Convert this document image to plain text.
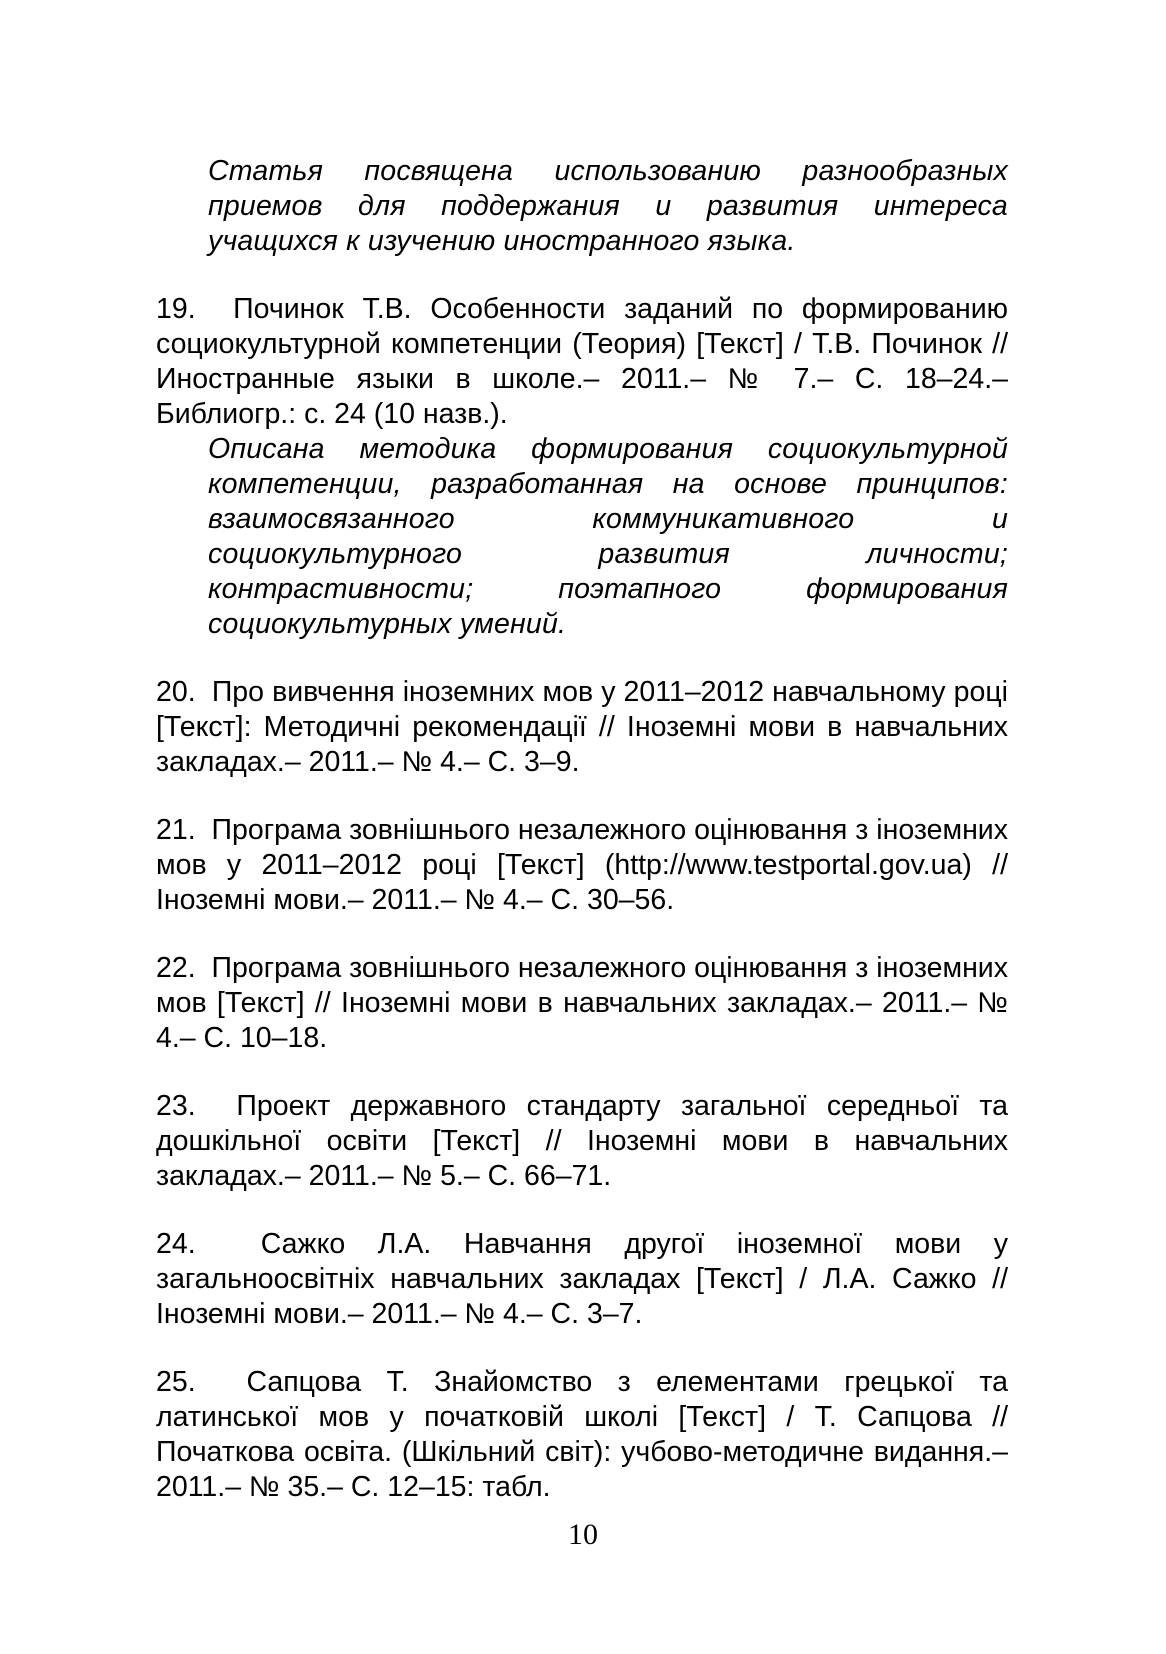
Статья посвящена использованию разнообразных приемов для поддержания и развития интереса учащихся к изучению иностранного языка.

19. Починок Т.В. Особенности заданий по формированию социокультурной компетенции (Теория) [Текст] / Т.В. Починок // Иностранные языки в школе.– 2011.– № 7.– С. 18–24.– Библиогр.: с. 24 (10 назв.).

Описана методика формирования социокультурной компетенции, разработанная на основе принципов: взаимосвязанного коммуникативного и социокультурного развития личности; контрастивности; поэтапного формирования социокультурных умений.

20. Про вивчення іноземних мов у 2011–2012 навчальному році [Текст]: Методичні рекомендації // Іноземні мови в навчальних закладах.– 2011.– № 4.– С. 3–9.

21. Програма зовнішнього незалежного оцінювання з іноземних мов у 2011–2012 році [Текст] (http://www.testportal.gov.ua) // Іноземні мови.– 2011.– № 4.– С. 30–56.

22. Програма зовнішнього незалежного оцінювання з іноземних мов [Текст] // Іноземні мови в навчальних закладах.– 2011.– № 4.– С. 10–18.

23. Проект державного стандарту загальної середньої та дошкільної освіти [Текст] // Іноземні мови в навчальних закладах.– 2011.– № 5.– С. 66–71.

24. Сажко Л.А. Навчання другої іноземної мови у загальноосвітніх навчальних закладах [Текст] / Л.А. Сажко // Іноземні мови.– 2011.– № 4.– С. 3–7.

25. Сапцова Т. Знайомство з елементами грецької та латинської мов у початковій школі [Текст] / Т. Сапцова // Початкова освіта. (Шкільний світ): учбово-методичне видання.– 2011.– № 35.– С. 12–15: табл.

10
